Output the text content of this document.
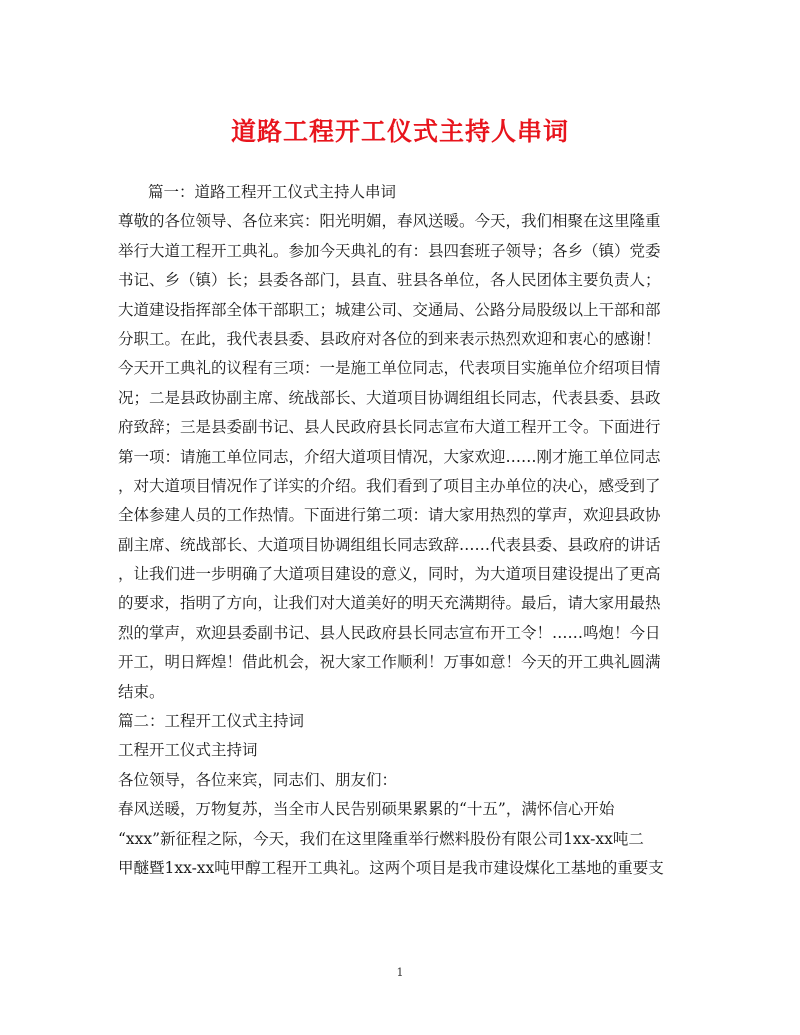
道路工程开工仪式主持人串词
篇一：道路工程开工仪式主持人串词
尊敬的各位领导、各位来宾：阳光明媚，春风送暖。今天，我们相聚在这里隆重
举行大道工程开工典礼。参加今天典礼的有：县四套班子领导；各乡（镇）党委
书记、乡（镇）长；县委各部门，县直、驻县各单位，各人民团体主要负责人；
大道建设指挥部全体干部职工；城建公司、交通局、公路分局股级以上干部和部
分职工。在此，我代表县委、县政府对各位的到来表示热烈欢迎和衷心的感谢！
今天开工典礼的议程有三项：一是施工单位同志，代表项目实施单位介绍项目情
况；二是县政协副主席、统战部长、大道项目协调组组长同志，代表县委、县政
府致辞；三是县委副书记、县人民政府县长同志宣布大道工程开工令。下面进行
第一项：请施工单位同志，介绍大道项目情况，大家欢迎……刚才施工单位同志
，对大道项目情况作了详实的介绍。我们看到了项目主办单位的决心，感受到了
全体参建人员的工作热情。下面进行第二项：请大家用热烈的掌声，欢迎县政协
副主席、统战部长、大道项目协调组组长同志致辞……代表县委、县政府的讲话
，让我们进一步明确了大道项目建设的意义，同时，为大道项目建设提出了更高
的要求，指明了方向，让我们对大道美好的明天充满期待。最后，请大家用最热
烈的掌声，欢迎县委副书记、县人民政府县长同志宣布开工令！……鸣炮！今日
开工，明日辉煌！借此机会，祝大家工作顺利！万事如意！今天的开工典礼圆满
结束。
篇二：工程开工仪式主持词
工程开工仪式主持词
各位领导，各位来宾，同志们、朋友们：
春风送暖，万物复苏，当全市人民告别硕果累累的“十五”，满怀信心开始
“xxx”新征程之际，今天，我们在这里隆重举行燃料股份有限公司1xx-xx吨二
甲醚暨1xx-xx吨甲醇工程开工典礼。这两个项目是我市建设煤化工基地的重要支
1
